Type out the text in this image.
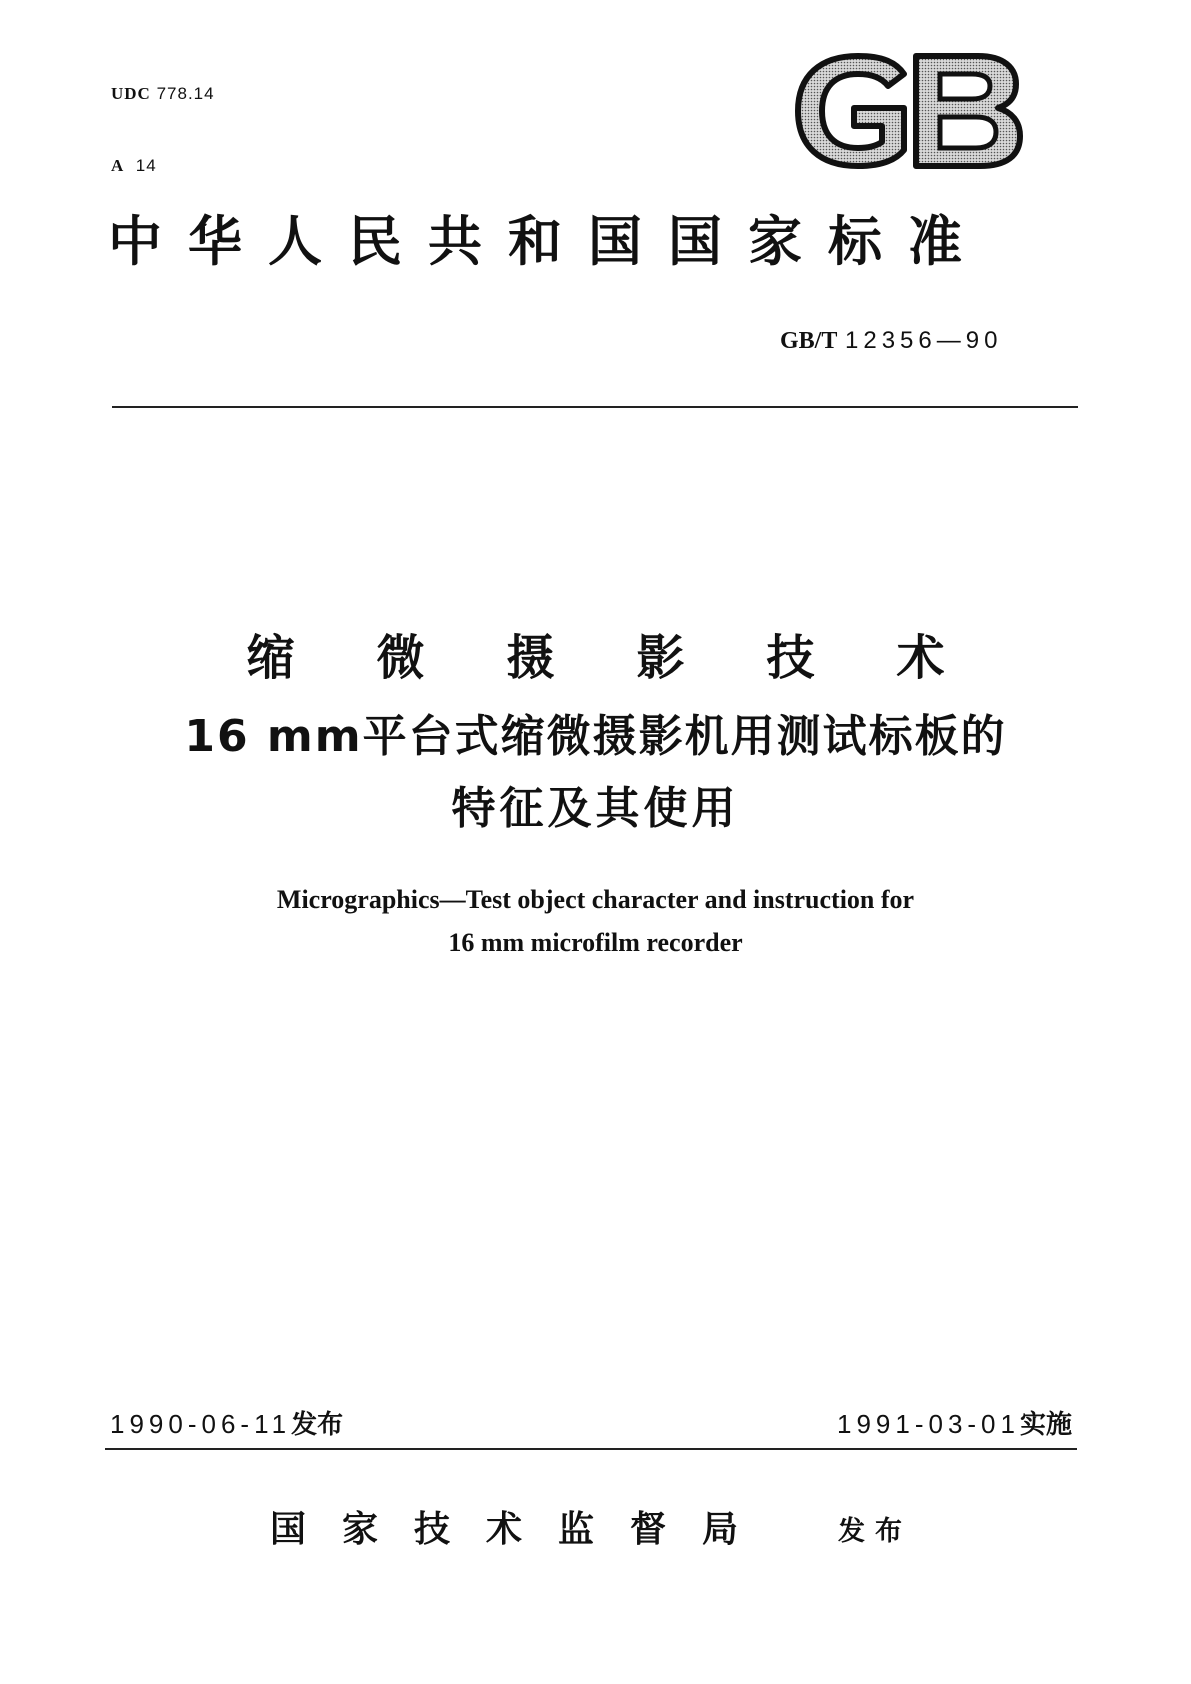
UDC 778.14

A 14

中华人民共和国国家标准
GB/T 12356—90
缩微摄影技术
16 mm平台式缩微摄影机用测试标板的
特征及其使用
Micrographics—Test object character and instruction for
16 mm microfilm recorder
1990-06-11发布	1991-03-01实施
国家技术监督局 发布
